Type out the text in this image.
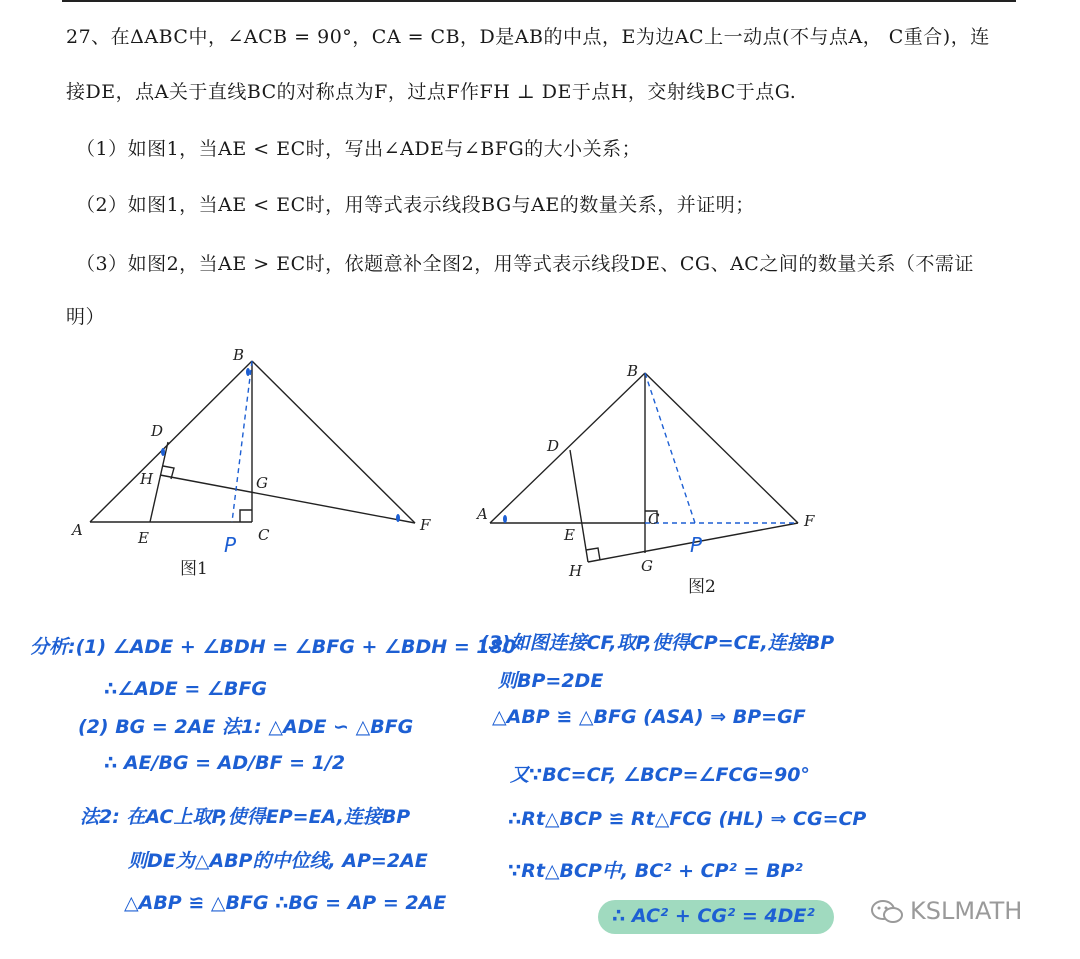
27、在ΔABC中，∠ACB = 90°，CA = CB，D是AB的中点，E为边AC上一动点(不与点A， C重合)，连
接DE，点A关于直线BC的对称点为F，过点F作FH ⊥ DE于点H，交射线BC于点G.
（1）如图1，当AE < EC时，写出∠ADE与∠BFG的大小关系；
（2）如图1，当AE < EC时，用等式表示线段BG与AE的数量关系，并证明；
（3）如图2，当AE > EC时，依题意补全图2，用等式表示线段DE、CG、AC之间的数量关系（不需证
明）
A
B
C
D
E
F
G
H
A
B
C
D
E
F
G
H
P	P
图1
图2
分析:(1) ∠ADE + ∠BDH = ∠BFG + ∠BDH = 180°
∴∠ADE = ∠BFG
(2) BG = 2AE 法1: △ADE ∽ △BFG
∴ AE/BG = AD/BF = 1/2
法2: 在AC上取P,使得EP=EA,连接BP
则DE为△ABP的中位线, AP=2AE
△ABP ≌ △BFG ∴BG = AP = 2AE
(3)如图连接CF,取P,使得CP=CE,连接BP
则BP=2DE
△ABP ≌ △BFG (ASA) ⇒ BP=GF
又∵BC=CF, ∠BCP=∠FCG=90°
∴Rt△BCP ≌ Rt△FCG (HL) ⇒ CG=CP
∵Rt△BCP中, BC² + CP² = BP²
∴ AC² + CG² = 4DE²	KSLMATH
